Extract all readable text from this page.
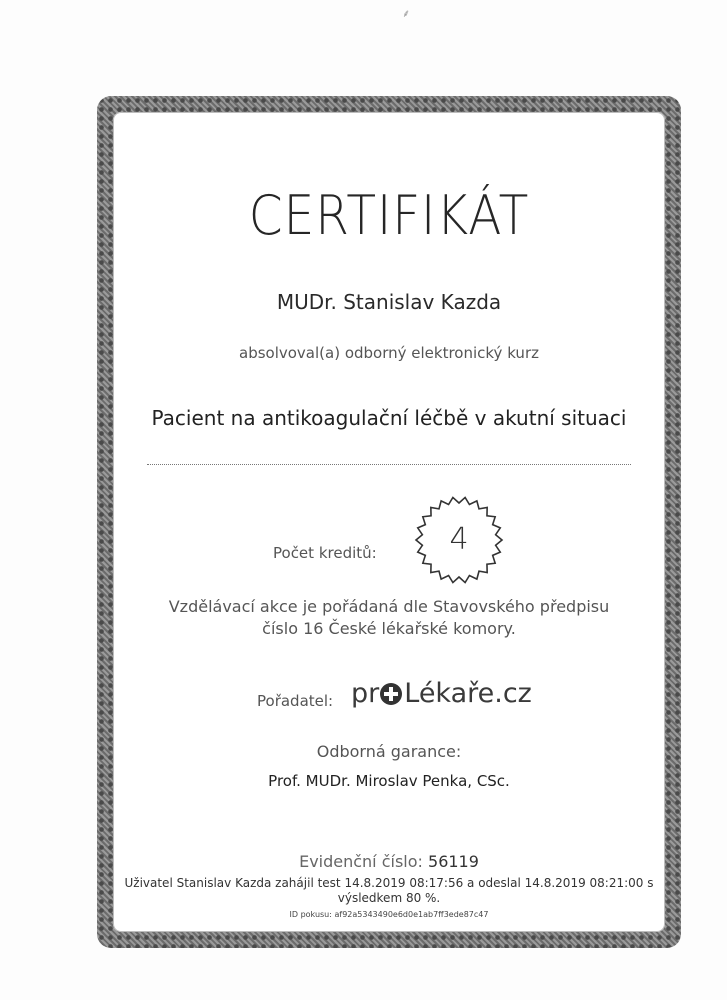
⸙
CERTIFIKÁT
MUDr. Stanislav Kazda
absolvoval(a) odborný elektronický kurz
Pacient na antikoagulační léčbě v akutní situaci
Počet kreditů:	4
Vzdělávací akce je pořádaná dle Stavovského předpisu
číslo 16 České lékařské komory.
Pořadatel: pr Lékaře.cz
Odborná garance:
Prof. MUDr. Miroslav Penka, CSc.
Evidenční číslo: 56119
Uživatel Stanislav Kazda zahájil test 14.8.2019 08:17:56 a odeslal 14.8.2019 08:21:00 s výsledkem 80 %.
ID pokusu: af92a5343490e6d0e1ab7ff3ede87c47
